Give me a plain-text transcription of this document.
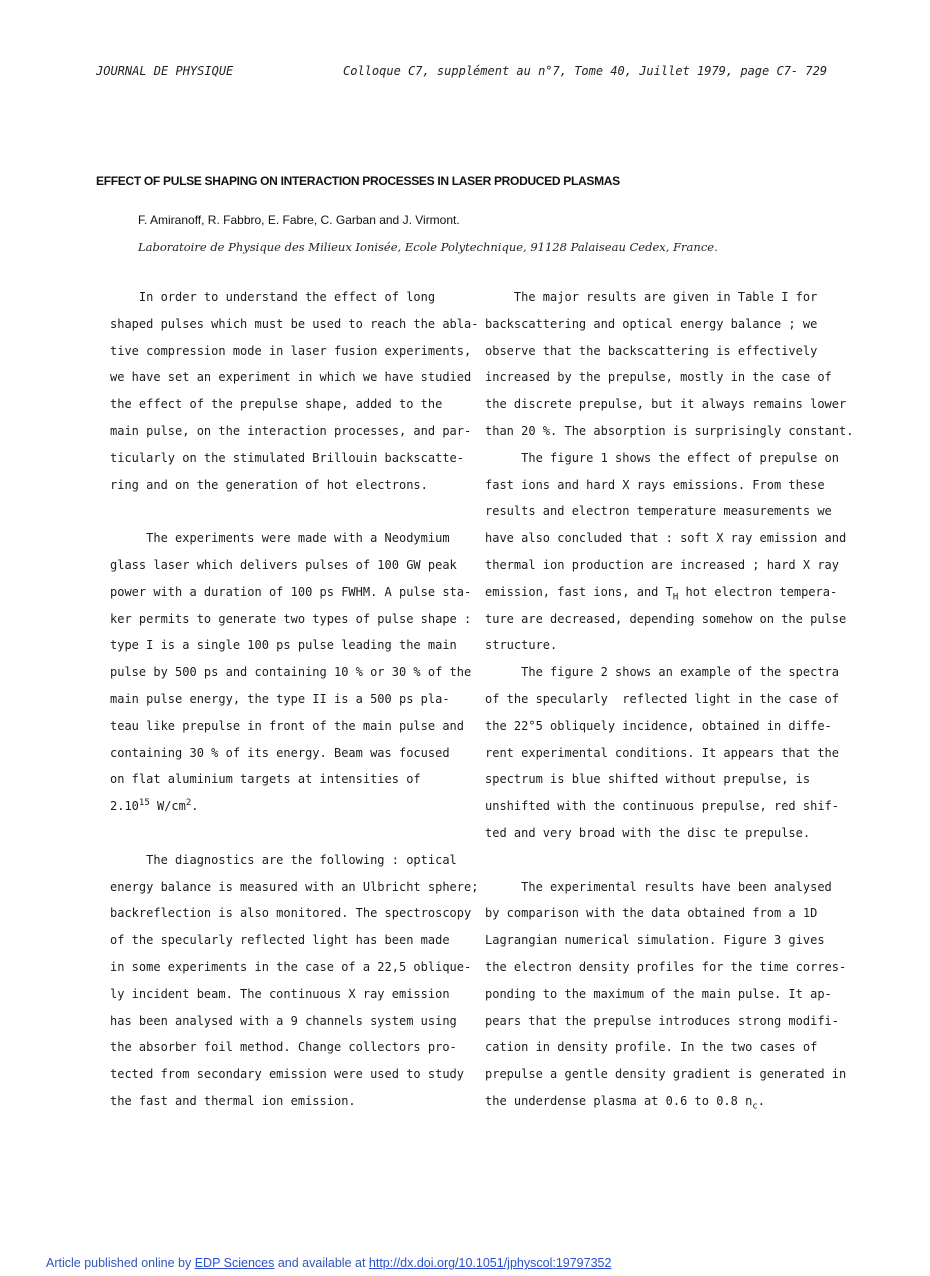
JOURNAL DE PHYSIQUE	Colloque C7, supplément au n°7, Tome 40, Juillet 1979, page C7- 729
EFFECT OF PULSE SHAPING ON INTERACTION PROCESSES IN LASER PRODUCED PLASMAS
F. Amiranoff, R. Fabbro, E. Fabre, C. Garban and J. Virmont.
Laboratoire de Physique des Milieux Ionisée, Ecole Polytechnique, 91128 Palaiseau Cedex, France.
In order to understand the effect of long
shaped pulses which must be used to reach the abla-
tive compression mode in laser fusion experiments,
we have set an experiment in which we have studied
the effect of the prepulse shape, added to the
main pulse, on the interaction processes, and par-
ticularly on the stimulated Brillouin backscatte-
ring and on the generation of hot electrons.
The experiments were made with a Neodymium
glass laser which delivers pulses of 100 GW peak
power with a duration of 100 ps FWHM. A pulse sta-
ker permits to generate two types of pulse shape :
type I is a single 100 ps pulse leading the main
pulse by 500 ps and containing 10 % or 30 % of the
main pulse energy, the type II is a 500 ps pla-
teau like prepulse in front of the main pulse and
containing 30 % of its energy. Beam was focused
on flat aluminium targets at intensities of
2.10$^{15}$ $W/cm^2$.
The diagnostics are the following : optical
energy balance is measured with an Ulbricht sphere;
backreflection is also monitored. The spectroscopy
of the specularly reflected light has been made
in some experiments in the case of a 22,5 oblique-
ly incident beam. The continuous X ray emission
has been analysed with a 9 channels system using
the absorber foil method. Change collectors pro-
tected from secondary emission were used to study
the fast and thermal ion emission.
The major results are given in Table I for
backscattering and optical energy balance ; we
observe that the backscattering is effectively
increased by the prepulse, mostly in the case of
the discrete prepulse, but it always remains lower
than 20 %. The absorption is surprisingly constant.
The figure 1 shows the effect of prepulse on
fast ions and hard X rays emissions. From these
results and electron temperature measurements we
have also concluded that : soft X ray emission and
thermal ion production are increased ; hard X ray
emission, fast ions, and $T_H$ hot electron tempera-
ture are decreased, depending somehow on the pulse
structure.
The figure 2 shows an example of the spectra
of the specularly  reflected light in the case of
the 22°5 obliquely incidence, obtained in diffe-
rent experimental conditions. It appears that the
spectrum is blue shifted without prepulse, is
unshifted with the continuous prepulse, red shif-
ted and very broad with the disc te prepulse.
The experimental results have been analysed
by comparison with the data obtained from a 1D
Lagrangian numerical simulation. Figure 3 gives
the electron density profiles for the time corres-
ponding to the maximum of the main pulse. It ap-
pears that the prepulse introduces strong modifi-
cation in density profile. In the two cases of
prepulse a gentle density gradient is generated in
the underdense plasma at 0.6 to 0.8 $n_c$.
Article published online by EDP Sciences and available at http://dx.doi.org/10.1051/jphyscol:19797352
